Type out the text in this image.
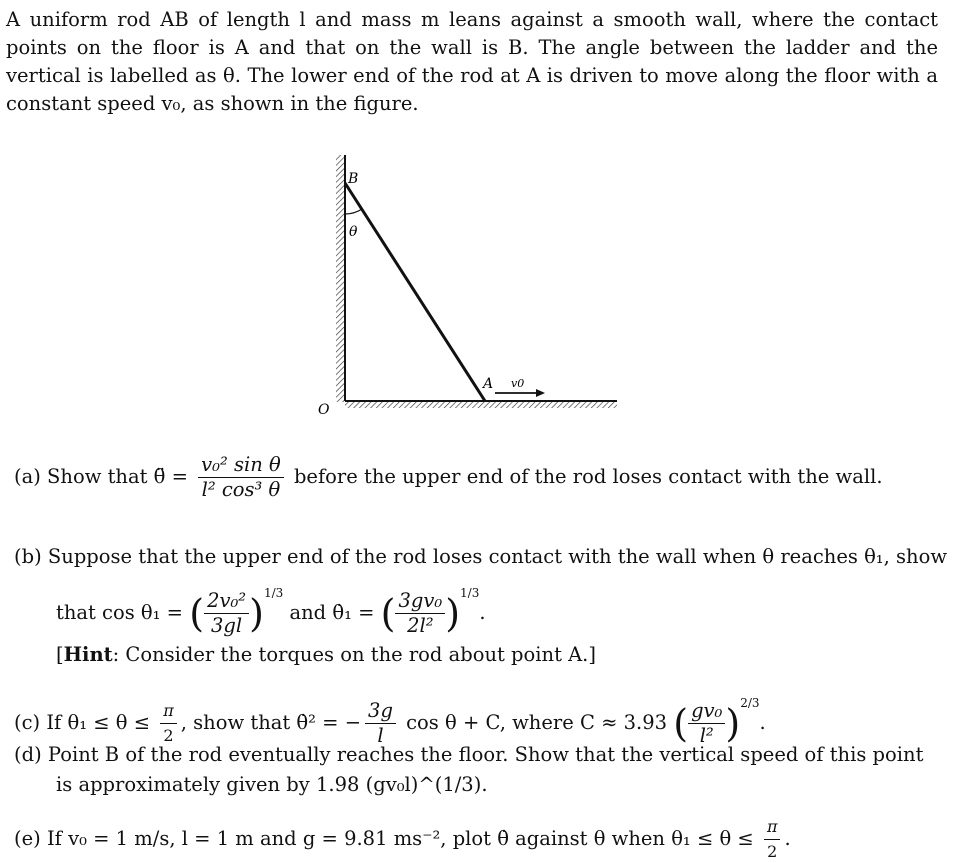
A uniform rod AB of length l and mass m leans against a smooth wall, where the contact points on the floor is A and that on the wall is B. The angle between the ladder and the vertical is labelled as θ. The lower end of the rod at A is driven to move along the floor with a constant speed v₀, as shown in the figure.
B
θ
A v0
O
(a) Show that θ̈ = $\frac{\text{v₀² sin θ}}{\text{l² cos³ θ}}$ before the upper end of the rod loses contact with the wall.
(b) Suppose that the upper end of the rod loses contact with the wall when θ reaches θ₁, show
that cos θ₁ = ( $\frac{\text{2v₀²}}{3gl} )^{1/3}$ and θ̇₁ = ( $\frac{\text{3gv₀}}{\text{2l²}} )^{1/3}$.
[Hint: Consider the torques on the rod about point A.]
(c) If $\theta_1 \le \theta \le \frac{\pi}{2}$ , show that θ̇² = − $\frac{3g}{l}$ cos θ + C, where C ≈ 3.93 ( $\frac{\text{gv₀}}{\text{l²}} )^{2/3}$.
(d) Point B of the rod eventually reaches the floor. Show that the vertical speed of this point
is approximately given by 1.98 (gv₀l)^(1/3).
(e) If v₀ = 1 m/s, l = 1 m and g = 9.81 ms⁻², plot θ̇ against θ when $\theta_1 \le \theta \le \frac{\pi}{2}$ .
